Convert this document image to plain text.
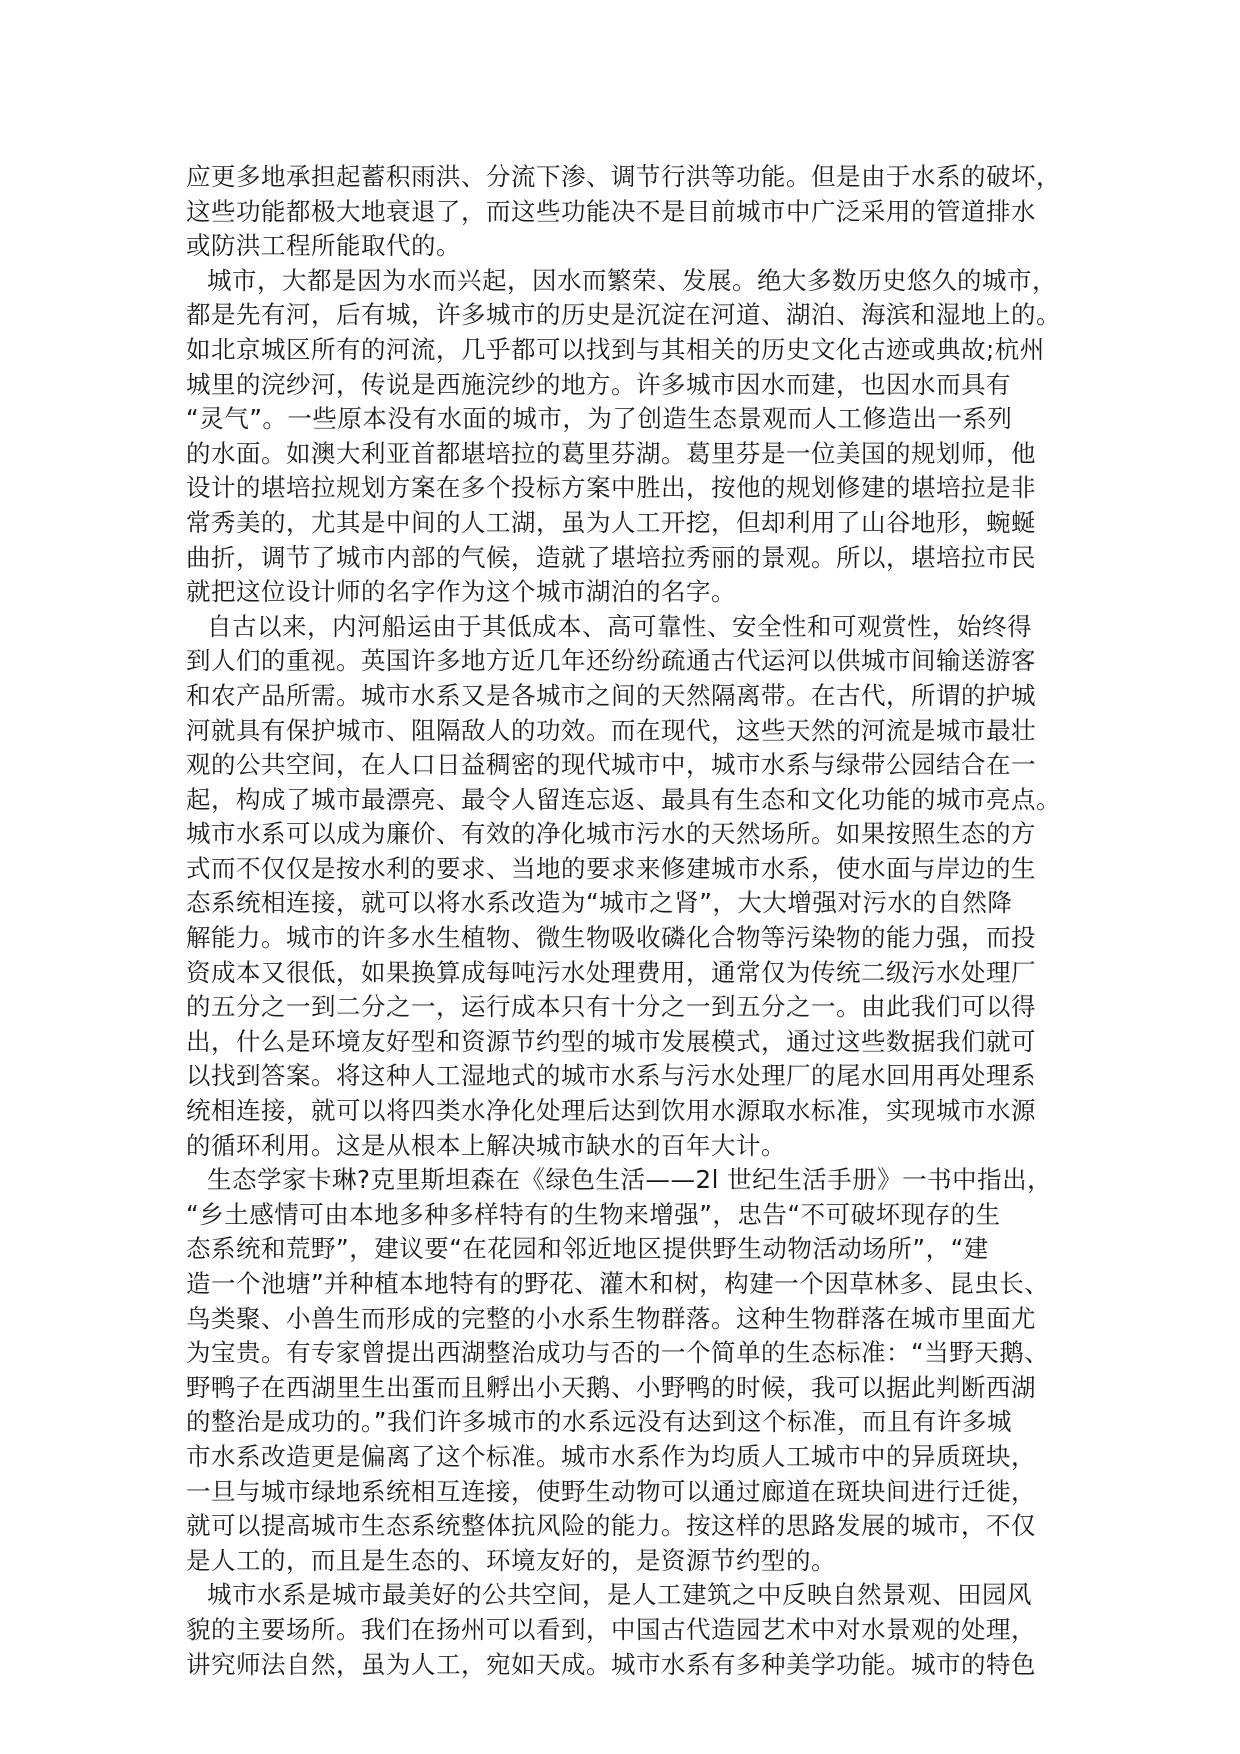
应更多地承担起蓄积雨洪、分流下渗、调节行洪等功能。但是由于水系的破坏，
这些功能都极大地衰退了，而这些功能决不是目前城市中广泛采用的管道排水
或防洪工程所能取代的。
城市，大都是因为水而兴起，因水而繁荣、发展。绝大多数历史悠久的城市，
都是先有河，后有城，许多城市的历史是沉淀在河道、湖泊、海滨和湿地上的。
如北京城区所有的河流，几乎都可以找到与其相关的历史文化古迹或典故;杭州
城里的浣纱河，传说是西施浣纱的地方。许多城市因水而建，也因水而具有
“灵气”。一些原本没有水面的城市，为了创造生态景观而人工修造出一系列
的水面。如澳大利亚首都堪培拉的葛里芬湖。葛里芬是一位美国的规划师，他
设计的堪培拉规划方案在多个投标方案中胜出，按他的规划修建的堪培拉是非
常秀美的，尤其是中间的人工湖，虽为人工开挖，但却利用了山谷地形，蜿蜒
曲折，调节了城市内部的气候，造就了堪培拉秀丽的景观。所以，堪培拉市民
就把这位设计师的名字作为这个城市湖泊的名字。
自古以来，内河船运由于其低成本、高可靠性、安全性和可观赏性，始终得
到人们的重视。英国许多地方近几年还纷纷疏通古代运河以供城市间输送游客
和农产品所需。城市水系又是各城市之间的天然隔离带。在古代，所谓的护城
河就具有保护城市、阻隔敌人的功效。而在现代，这些天然的河流是城市最壮
观的公共空间，在人口日益稠密的现代城市中，城市水系与绿带公园结合在一
起，构成了城市最漂亮、最令人留连忘返、最具有生态和文化功能的城市亮点。
城市水系可以成为廉价、有效的净化城市污水的天然场所。如果按照生态的方
式而不仅仅是按水利的要求、当地的要求来修建城市水系，使水面与岸边的生
态系统相连接，就可以将水系改造为“城市之肾”，大大增强对污水的自然降
解能力。城市的许多水生植物、微生物吸收磷化合物等污染物的能力强，而投
资成本又很低，如果换算成每吨污水处理费用，通常仅为传统二级污水处理厂
的五分之一到二分之一，运行成本只有十分之一到五分之一。由此我们可以得
出，什么是环境友好型和资源节约型的城市发展模式，通过这些数据我们就可
以找到答案。将这种人工湿地式的城市水系与污水处理厂的尾水回用再处理系
统相连接，就可以将四类水净化处理后达到饮用水源取水标准，实现城市水源
的循环利用。这是从根本上解决城市缺水的百年大计。
生态学家卡琳?克里斯坦森在《绿色生活——2l 世纪生活手册》一书中指出，
“乡土感情可由本地多种多样特有的生物来增强”，忠告“不可破坏现存的生
态系统和荒野”，建议要“在花园和邻近地区提供野生动物活动场所”，“建
造一个池塘”并种植本地特有的野花、灌木和树，构建一个因草林多、昆虫长、
鸟类聚、小兽生而形成的完整的小水系生物群落。这种生物群落在城市里面尤
为宝贵。有专家曾提出西湖整治成功与否的一个简单的生态标准：“当野天鹅、
野鸭子在西湖里生出蛋而且孵出小天鹅、小野鸭的时候，我可以据此判断西湖
的整治是成功的。”我们许多城市的水系远没有达到这个标准，而且有许多城
市水系改造更是偏离了这个标准。城市水系作为均质人工城市中的异质斑块，
一旦与城市绿地系统相互连接，使野生动物可以通过廊道在斑块间进行迁徙，
就可以提高城市生态系统整体抗风险的能力。按这样的思路发展的城市，不仅
是人工的，而且是生态的、环境友好的，是资源节约型的。
城市水系是城市最美好的公共空间，是人工建筑之中反映自然景观、田园风
貌的主要场所。我们在扬州可以看到，中国古代造园艺术中对水景观的处理，
讲究师法自然，虽为人工，宛如天成。城市水系有多种美学功能。城市的特色
